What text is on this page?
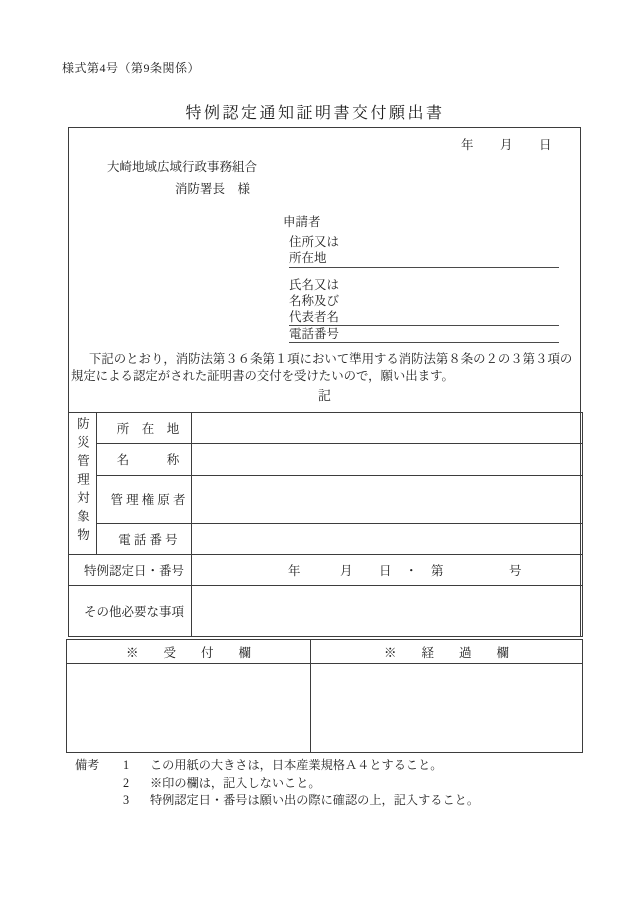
様式第4号（第9条関係）
特例認定通知証明書交付願出書
年　　月　　日
大崎地域広域行政事務組合
消防署長　様
申請者
住所又は
所在地
氏名又は
名称及び
代表者名
電話番号
下記のとおり，消防法第３６条第１項において準用する消防法第８条の２の３第３項の規定による認定がされた証明書の交付を受けたいので，願い出ます。
記
防災管理対象物	所　在　地	
	名　　　称	
	管 理 権 原 者	
	電 話 番 号	
特例認定日・番号		年　　　月　　日　・　第　　　　　号
その他必要な事項		
※　　受　　付　　欄	※　　経　　過　　欄

備考	1	この用紙の大きさは，日本産業規格Ａ４とすること。
2	※印の欄は，記入しないこと。
3	特例認定日・番号は願い出の際に確認の上，記入すること。
